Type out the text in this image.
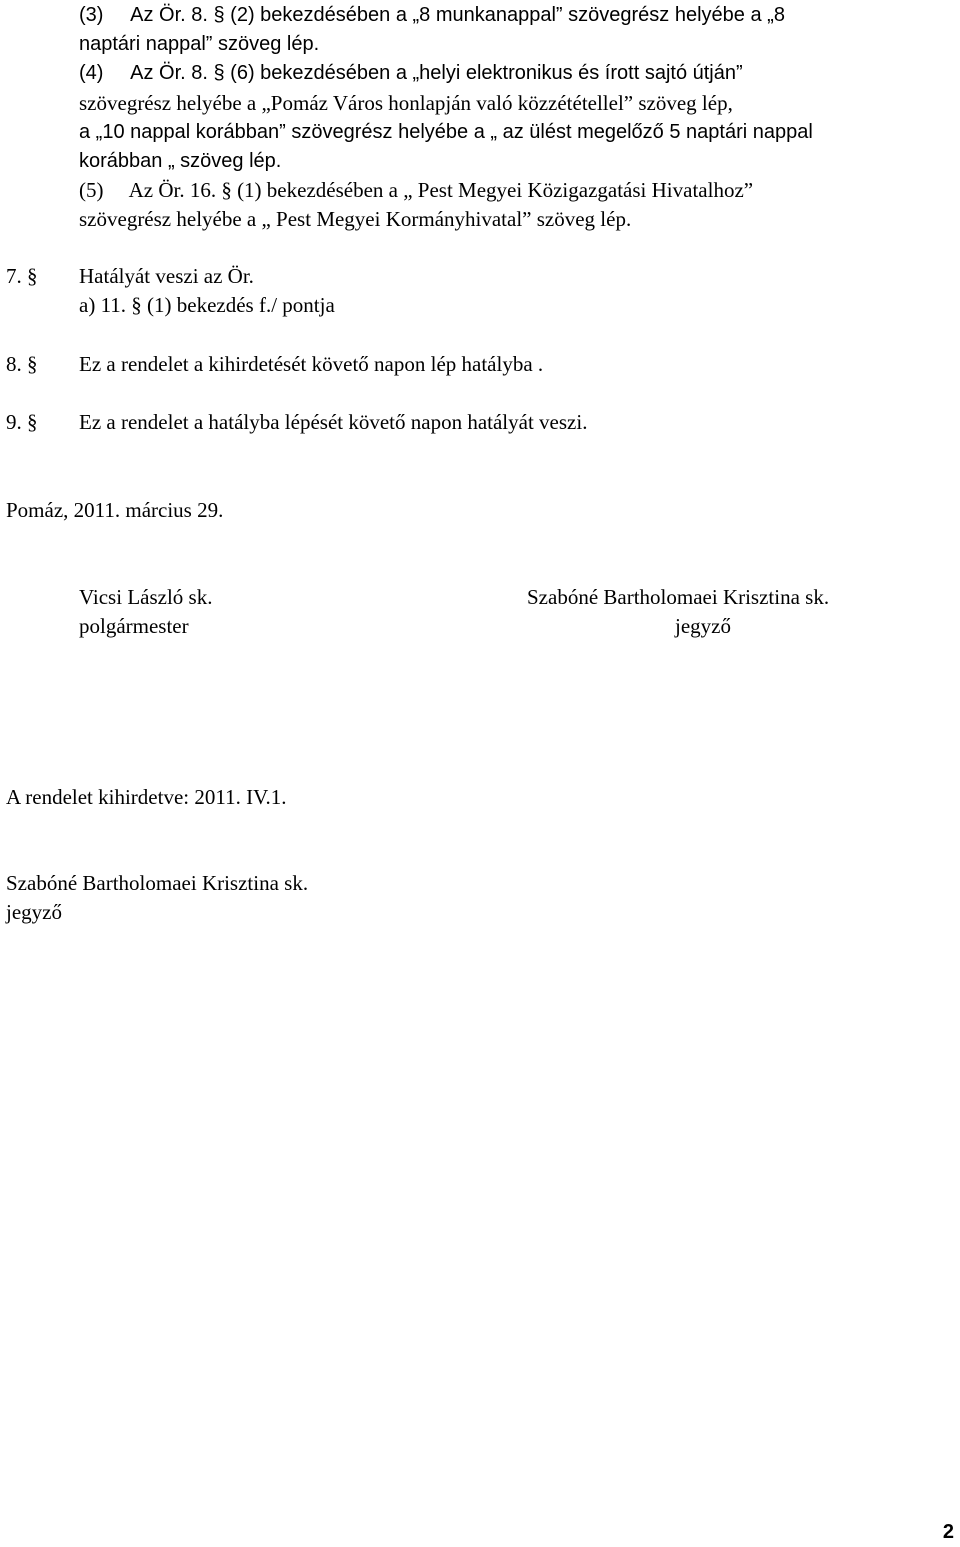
(3)     Az Ör. 8. § (2) bekezdésében a „8 munkanappal” szövegrész helyébe a „8
naptári nappal” szöveg lép.
(4)     Az Ör. 8. § (6) bekezdésében a „helyi elektronikus és írott sajtó útján”
szövegrész helyébe a „Pomáz Város honlapján való közzététellel” szöveg lép,
a „10 nappal korábban” szövegrész helyébe a „ az ülést megelőző 5 naptári nappal
korábban „ szöveg lép.
(5)     Az Ör. 16. § (1) bekezdésében a „ Pest Megyei Közigazgatási Hivatalhoz”
szövegrész helyébe a „ Pest Megyei Kormányhivatal” szöveg lép.
7. § Hatályát veszi az Ör.
a) 11. § (1) bekezdés f./ pontja
8. § Ez a rendelet a kihirdetését követő napon lép hatályba .
9. § Ez a rendelet a hatályba lépését követő napon hatályát veszi.
Pomáz, 2011. március 29.
Vicsi László sk.
polgármester
Szabóné Bartholomaei Krisztina sk.
jegyző
A rendelet kihirdetve: 2011. IV.1.
Szabóné Bartholomaei Krisztina sk.
jegyző
2
